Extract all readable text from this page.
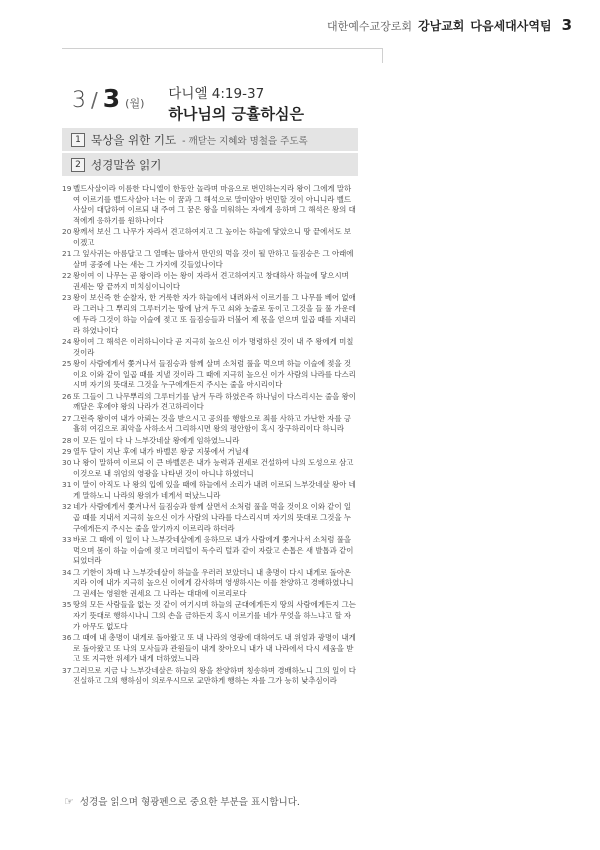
대한예수교장로회 강남교회 다음세대사역팀 3
3 / 3 (월)
다니엘 4:19-37
하나님의 긍휼하심은
1 묵상을 위한 기도 - 깨닫는 지혜와 명철을 주도록
2 성경말씀 읽기
19 벨드사살이라 이름한 다니엘이 한동안 놀라며 마음으로 번민하는지라 왕이 그에게 말하여 이르기를 벨드사살아 너는 이 꿈과 그 해석으로 말미암아 번민할 것이 아니니라 벨드사살이 대답하여 이르되 내 주여 그 꿈은 왕을 미워하는 자에게 응하며 그 해석은 왕의 대적에게 응하기를 원하나이다
20 왕께서 보신 그 나무가 자라서 견고하여지고 그 높이는 하늘에 닿았으니 땅 끝에서도 보이겠고
21 그 잎사귀는 아름답고 그 열매는 많아서 만민의 먹을 것이 될 만하고 들짐승은 그 아래에 살며 공중에 나는 새는 그 가지에 깃들었나이다
22 왕이여 이 나무는 곧 왕이라 이는 왕이 자라서 견고하여지고 창대하사 하늘에 닿으시며 권세는 땅 끝까지 미치심이니이다
23 왕이 보신즉 한 순찰자, 한 거룩한 자가 하늘에서 내려와서 이르기를 그 나무를 베어 없애라 그러나 그 뿌리의 그루터기는 땅에 남겨 두고 쇠와 놋줄로 동이고 그것을 들 풀 가운데에 두라 그것이 하늘 이슬에 젖고 또 들짐승들과 더불어 제 몫을 얻으며 일곱 때를 지내리라 하였나이다
24 왕이여 그 해석은 이러하니이다 곧 지극히 높으신 이가 명령하신 것이 내 주 왕에게 미칠 것이라
25 왕이 사람에게서 쫓겨나서 들짐승과 함께 살며 소처럼 풀을 먹으며 하늘 이슬에 젖을 것이요 이와 같이 일곱 때를 지낼 것이라 그 때에 지극히 높으신 이가 사람의 나라를 다스리시며 자기의 뜻대로 그것을 누구에게든지 주시는 줄을 아시리이다
26 또 그들이 그 나무뿌리의 그루터기를 남겨 두라 하였은즉 하나님이 다스리시는 줄을 왕이 깨달은 후에야 왕의 나라가 견고하리이다
27 그런즉 왕이여 내가 아뢰는 것을 받으시고 공의를 행함으로 죄를 사하고 가난한 자를 긍휼히 여김으로 죄악을 사하소서 그리하시면 왕의 평안함이 혹시 장구하리이다 하니라
28 이 모든 일이 다 나 느부갓네살 왕에게 임하였느니라
29 열두 달이 지난 후에 내가 바벨론 왕궁 지붕에서 거닐새
30 나 왕이 말하여 이르되 이 큰 바벨론은 내가 능력과 권세로 건설하여 나의 도성으로 삼고 이것으로 내 위엄의 영광을 나타낸 것이 아니냐 하였더니
31 이 말이 아직도 나 왕의 입에 있을 때에 하늘에서 소리가 내려 이르되 느부갓네살 왕아 네게 말하노니 나라의 왕위가 네게서 떠났느니라
32 네가 사람에게서 쫓겨나서 들짐승과 함께 살면서 소처럼 풀을 먹을 것이요 이와 같이 일곱 때를 지내서 지극히 높으신 이가 사람의 나라를 다스리시며 자기의 뜻대로 그것을 누구에게든지 주시는 줄을 알기까지 이르리라 하더라
33 바로 그 때에 이 일이 나 느부갓네살에게 응하므로 내가 사람에게 쫓겨나서 소처럼 풀을 먹으며 몸이 하늘 이슬에 젖고 머리털이 독수리 털과 같이 자랐고 손톱은 새 발톱과 같이 되었더라
34 그 기한이 차매 나 느부갓네살이 하늘을 우러러 보았더니 내 총명이 다시 내게로 돌아온지라 이에 내가 지극히 높으신 이에게 감사하며 영생하시는 이를 찬양하고 경배하였나니 그 권세는 영원한 권세요 그 나라는 대대에 이르리로다
35 땅의 모든 사람들을 없는 것 같이 여기시며 하늘의 군대에게든지 땅의 사람에게든지 그는 자기 뜻대로 행하시나니 그의 손을 금하든지 혹시 이르기를 네가 무엇을 하느냐고 할 자가 아무도 없도다
36 그 때에 내 총명이 내게로 돌아왔고 또 내 나라의 영광에 대하여도 내 위엄과 광명이 내게로 돌아왔고 또 나의 모사들과 관원들이 내게 찾아오니 내가 내 나라에서 다시 세움을 받고 또 지극한 위세가 내게 더하였느니라
37 그러므로 지금 나 느부갓네살은 하늘의 왕을 찬양하며 칭송하며 경배하노니 그의 일이 다 진실하고 그의 행하심이 의로우시므로 교만하게 행하는 자를 그가 능히 낮추심이라
☞ 성경을 읽으며 형광펜으로 중요한 부분을 표시합니다.
